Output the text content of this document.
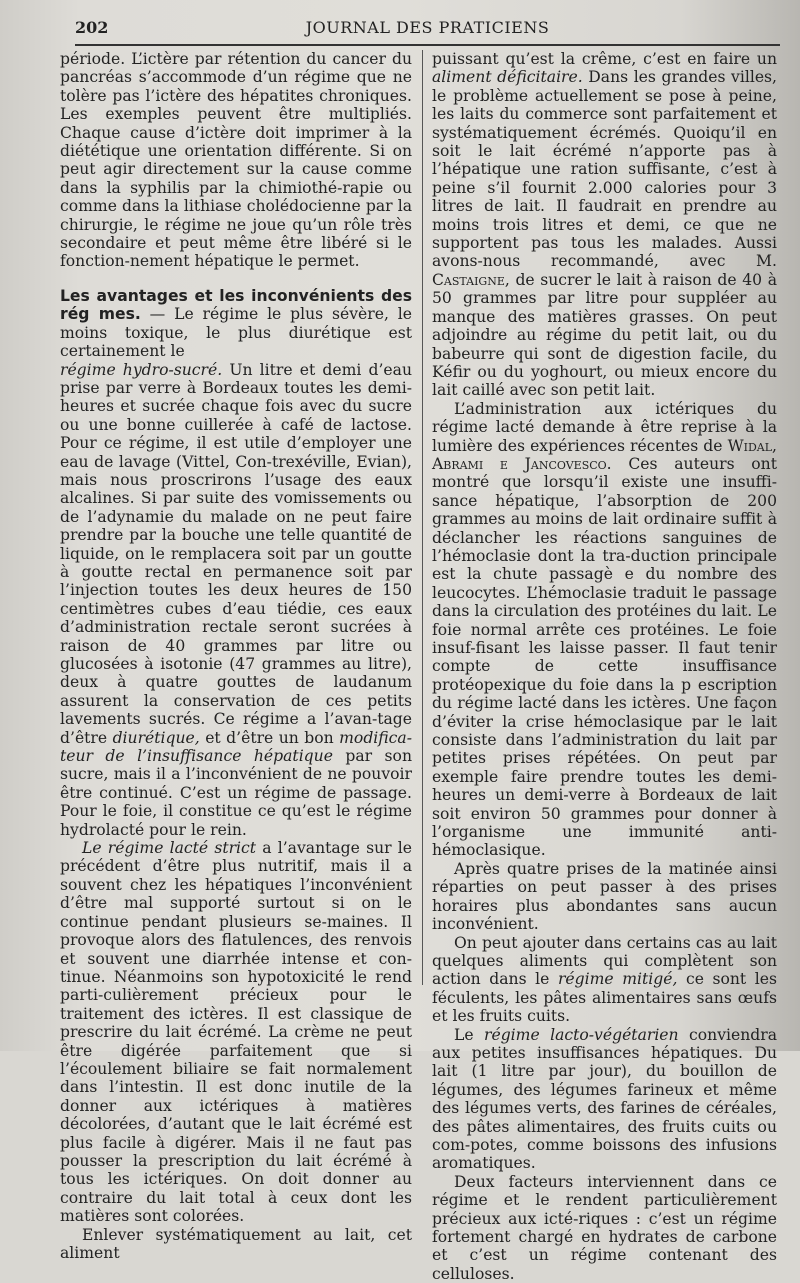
202	JOURNAL DES PRATICIENS

période. L’ictère par rétention du cancer du pancréas s’accommode d’un régime que ne tolère pas l’ictère des hépatites chroniques. Les exemples peuvent être multipliés. Chaque cause d’ictère doit imprimer à la diététique une orientation différente. Si on peut agir directement sur la cause comme dans la syphilis par la chimiothé-rapie ou comme dans la lithiase cholédocienne par la chirurgie, le régime ne joue qu’un rôle très secondaire et peut même être libéré si le fonction-nement hépatique le permet.

Les avantages et les inconvénients des rég mes. — Le régime le plus sévère, le moins toxique, le plus diurétique est certainement le

régime hydro-sucré. Un litre et demi d’eau prise par verre à Bordeaux toutes les demi-heures et sucrée chaque fois avec du sucre ou une bonne cuillerée à café de lactose. Pour ce régime, il est utile d’employer une eau de lavage (Vittel, Con-trexéville, Evian), mais nous proscrirons l’usage des eaux alcalines. Si par suite des vomissements ou de l’adynamie du malade on ne peut faire prendre par la bouche une telle quantité de liquide, on le remplacera soit par un goutte à goutte rectal en permanence soit par l’injection toutes les deux heures de 150 centimètres cubes d’eau tiédie, ces eaux d’administration rectale seront sucrées à raison de 40 grammes par litre ou glucosées à isotonie (47 grammes au litre), deux à quatre gouttes de laudanum assurent la conservation de ces petits lavements sucrés. Ce régime a l’avan-tage d’être diurétique, et d’être un bon modifica-teur de l’insuffisance hépatique par son sucre, mais il a l’inconvénient de ne pouvoir être continué. C’est un régime de passage. Pour le foie, il constitue ce qu’est le régime hydrolacté pour le rein.

Le régime lacté strict a l’avantage sur le précédent d’être plus nutritif, mais il a souvent chez les hépatiques l’inconvénient d’être mal supporté surtout si on le continue pendant plusieurs se-maines. Il provoque alors des flatulences, des renvois et souvent une diarrhée intense et con-tinue. Néanmoins son hypotoxicité le rend parti-culièrement précieux pour le traitement des ictères. Il est classique de prescrire du lait écrémé. La crème ne peut être digérée parfaitement que si l’écoulement biliaire se fait normalement dans l’intestin. Il est donc inutile de la donner aux ictériques à matières décolorées, d’autant que le lait écrémé est plus facile à digérer. Mais il ne faut pas pousser la prescription du lait écrémé à tous les ictériques. On doit donner au contraire du lait total à ceux dont les matières sont colorées.

Enlever systématiquement au lait, cet aliment

puissant qu’est la crême, c’est en faire un aliment déficitaire. Dans les grandes villes, le problème actuellement se pose à peine, les laits du commerce sont parfaitement et systématiquement écrémés. Quoiqu’il en soit le lait écrémé n’apporte pas à l’hépatique une ration suffisante, c’est à peine s’il fournit 2.000 calories pour 3 litres de lait. Il faudrait en prendre au moins trois litres et demi, ce que ne supportent pas tous les malades. Aussi avons-nous recommandé, avec M. Castaigne, de sucrer le lait à raison de 40 à 50 grammes par litre pour suppléer au manque des matières grasses. On peut adjoindre au régime du petit lait, ou du babeurre qui sont de digestion facile, du Kéfir ou du yoghourt, ou mieux encore du lait caillé avec son petit lait.

L’administration aux ictériques du régime lacté demande à être reprise à la lumière des expériences récentes de Widal, Abrami e Jancovesco. Ces auteurs ont montré que lorsqu’il existe une insuffi-sance hépatique, l’absorption de 200 grammes au moins de lait ordinaire suffit à déclancher les réactions sanguines de l’hémoclasie dont la tra-duction principale est la chute passagè e du nombre des leucocytes. L’hémoclasie traduit le passage dans la circulation des protéines du lait. Le foie normal arrête ces protéines. Le foie insuf-fisant les laisse passer. Il faut tenir compte de cette insuffisance protéopexique du foie dans la p escription du régime lacté dans les ictères. Une façon d’éviter la crise hémoclasique par le lait consiste dans l’administration du lait par petites prises répétées. On peut par exemple faire prendre toutes les demi-heures un demi-verre à Bordeaux de lait soit environ 50 grammes pour donner à l’organisme une immunité anti-hémoclasique.

Après quatre prises de la matinée ainsi réparties on peut passer à des prises horaires plus abondantes sans aucun inconvénient.

On peut ajouter dans certains cas au lait quelques aliments qui complètent son action dans le régime mitigé, ce sont les féculents, les pâtes alimentaires sans œufs et les fruits cuits.

Le régime lacto-végétarien conviendra aux petites insuffisances hépatiques. Du lait (1 litre par jour), du bouillon de légumes, des légumes farineux et même des légumes verts, des farines de céréales, des pâtes alimentaires, des fruits cuits ou com-potes, comme boissons des infusions aromatiques.

Deux facteurs interviennent dans ce régime et le rendent particulièrement précieux aux icté-riques : c’est un régime fortement chargé en hydrates de carbone et c’est un régime contenant des celluloses.
